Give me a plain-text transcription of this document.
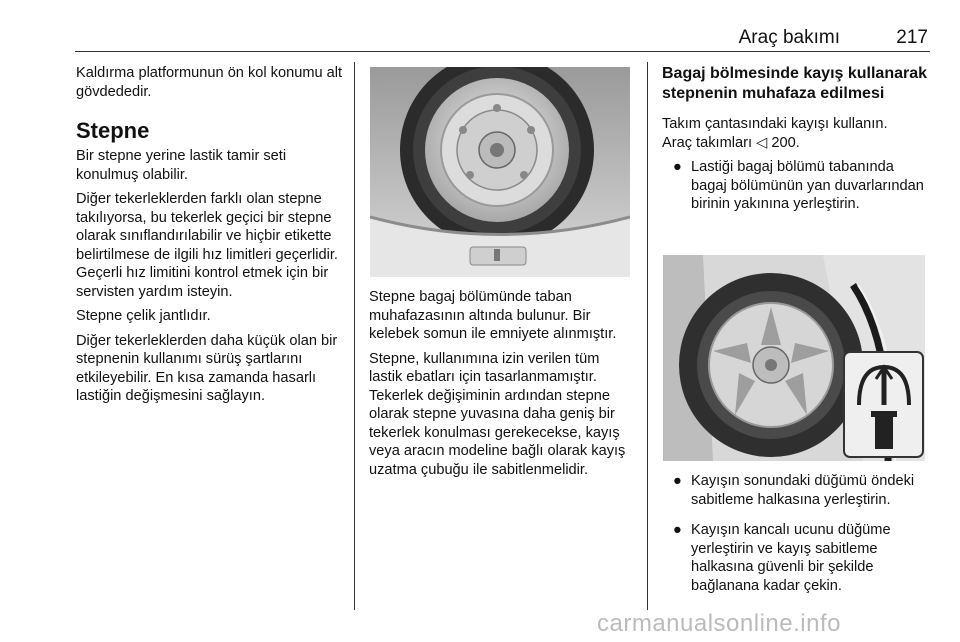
Araç bakımı	217

Kaldırma platformunun ön kol konumu alt gövdededir.

Stepne

Bir stepne yerine lastik tamir seti konulmuş olabilir.

Diğer tekerleklerden farklı olan stepne takılıyorsa, bu tekerlek geçici bir stepne olarak sınıflandırılabilir ve hiçbir etikette belirtilmese de ilgili hız limitleri geçerlidir. Geçerli hız limitini kontrol etmek için bir servisten yardım isteyin.

Stepne çelik jantlıdır.

Diğer tekerleklerden daha küçük olan bir stepnenin kullanımı sürüş şartlarını etkileyebilir. En kısa zamanda hasarlı lastiğin değişmesini sağlayın.

Stepne bagaj bölümünde taban muhafazasının altında bulunur. Bir kelebek somun ile emniyete alınmıştır.

Stepne, kullanımına izin verilen tüm lastik ebatları için tasarlanmamıştır. Tekerlek değişiminin ardından stepne olarak stepne yuvasına daha geniş bir tekerlek konulması gerekecekse, kayış veya aracın modeline bağlı olarak kayış uzatma çubuğu ile sabitlenmelidir.

Bagaj bölmesinde kayış kullanarak stepnenin muhafaza edilmesi

Takım çantasındaki kayışı kullanın.

Araç takımları ◁ 200.

● Lastiği bagaj bölümü tabanında bagaj bölümünün yan duvarlarından birinin yakınına yerleştirin.
● Kayışın sonundaki düğümü öndeki sabitleme halkasına yerleştirin.
● Kayışın kancalı ucunu düğüme yerleştirin ve kayış sabitleme halkasına güvenli bir şekilde bağlanana kadar çekin.
carmanualsonline.info
